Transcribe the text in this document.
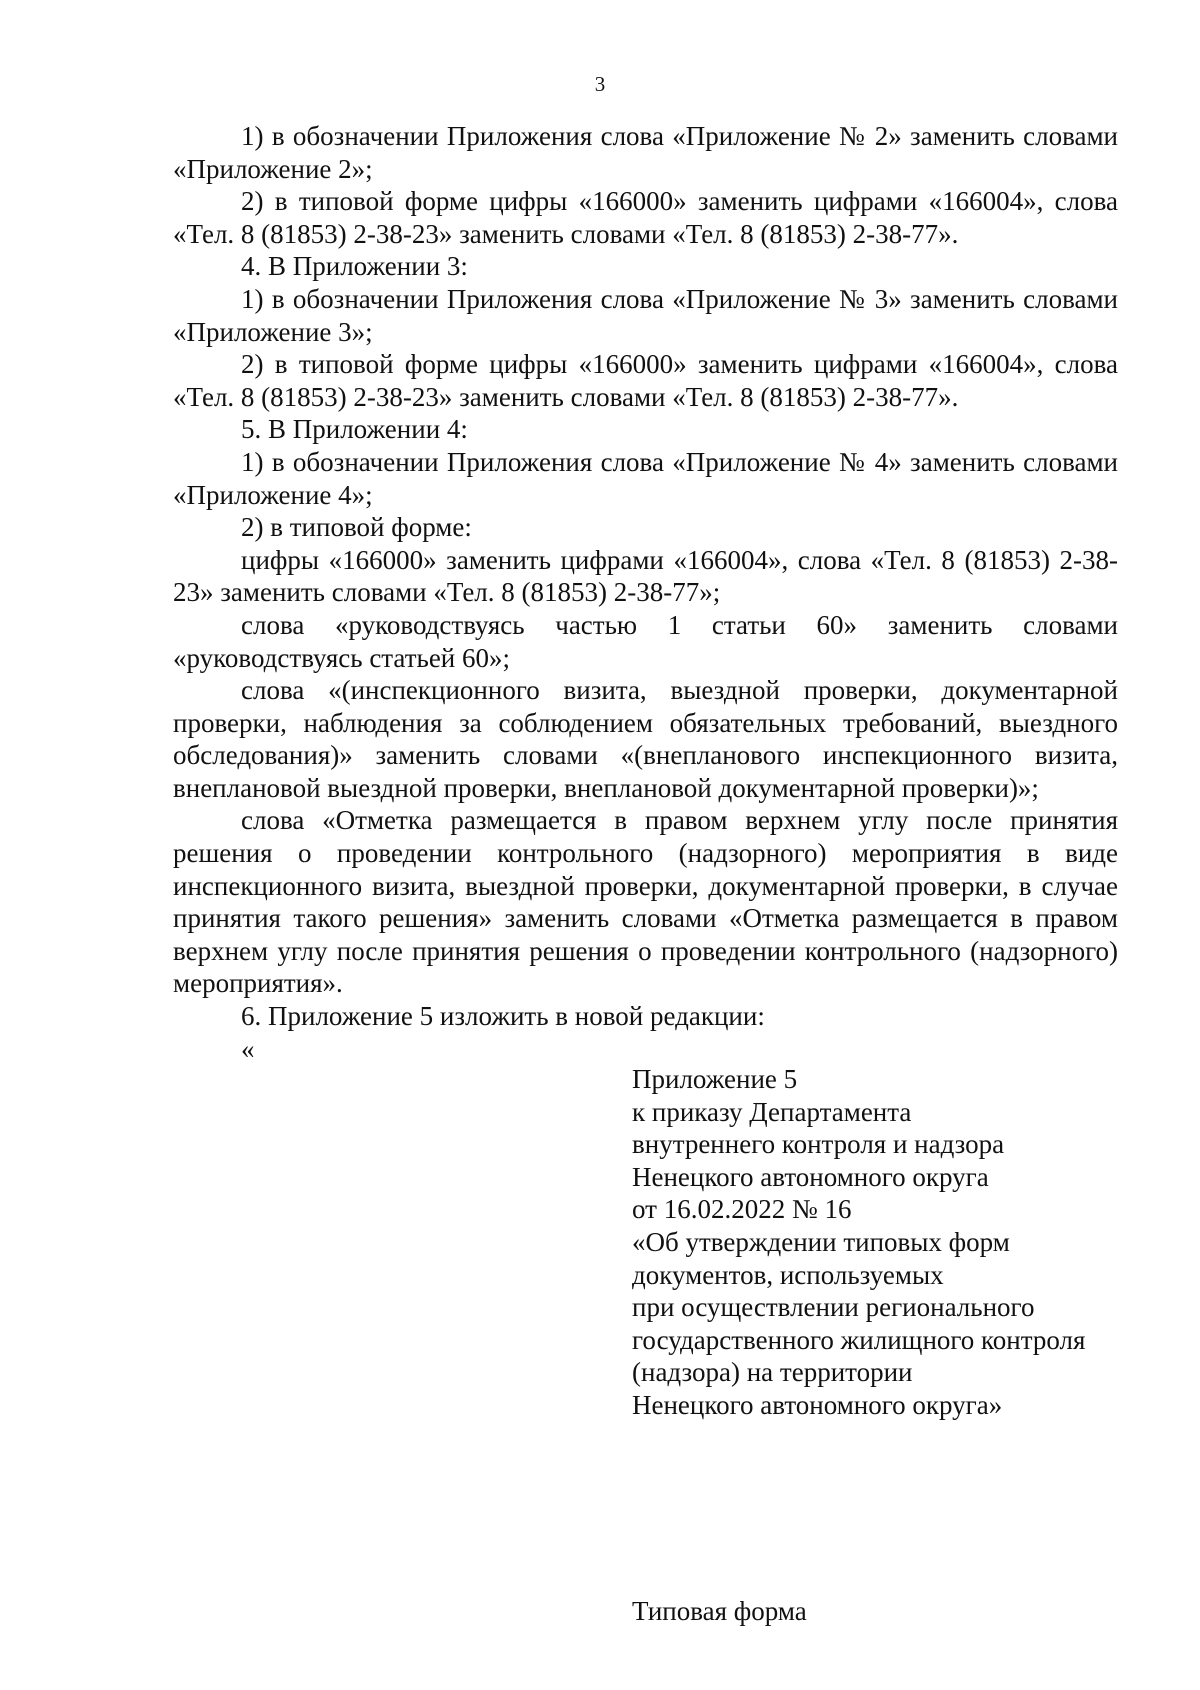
3

1) в обозначении Приложения слова «Приложение № 2» заменить словами «Приложение 2»;

2) в типовой форме цифры «166000» заменить цифрами «166004», слова «Тел. 8 (81853) 2-38-23» заменить словами «Тел. 8 (81853) 2-38-77».

4. В Приложении 3:

1) в обозначении Приложения слова «Приложение № 3» заменить словами «Приложение 3»;

2) в типовой форме цифры «166000» заменить цифрами «166004», слова «Тел. 8 (81853) 2-38-23» заменить словами «Тел. 8 (81853) 2-38-77».

5. В Приложении 4:

1) в обозначении Приложения слова «Приложение № 4» заменить словами «Приложение 4»;

2) в типовой форме:

цифры «166000» заменить цифрами «166004», слова «Тел. 8 (81853) 2-38-23» заменить словами «Тел. 8 (81853) 2-38-77»;

слова «руководствуясь частью 1 статьи 60» заменить словами «руководствуясь статьей 60»;

слова «(инспекционного визита, выездной проверки, документарной проверки, наблюдения за соблюдением обязательных требований, выездного обследования)» заменить словами «(внепланового инспекционного визита, внеплановой выездной проверки, внеплановой документарной проверки)»;

слова «Отметка размещается в правом верхнем углу после принятия решения о проведении контрольного (надзорного) мероприятия в виде инспекционного визита, выездной проверки, документарной проверки, в случае принятия такого решения» заменить словами «Отметка размещается в правом верхнем углу после принятия решения о проведении контрольного (надзорного) мероприятия».

6. Приложение 5 изложить в новой редакции:

«

Приложение 5
к приказу Департамента
внутреннего контроля и надзора
Ненецкого автономного округа
от 16.02.2022 № 16
«Об утверждении типовых форм
документов, используемых
при осуществлении регионального
государственного жилищного контроля
(надзора) на территории
Ненецкого автономного округа»
Типовая форма
